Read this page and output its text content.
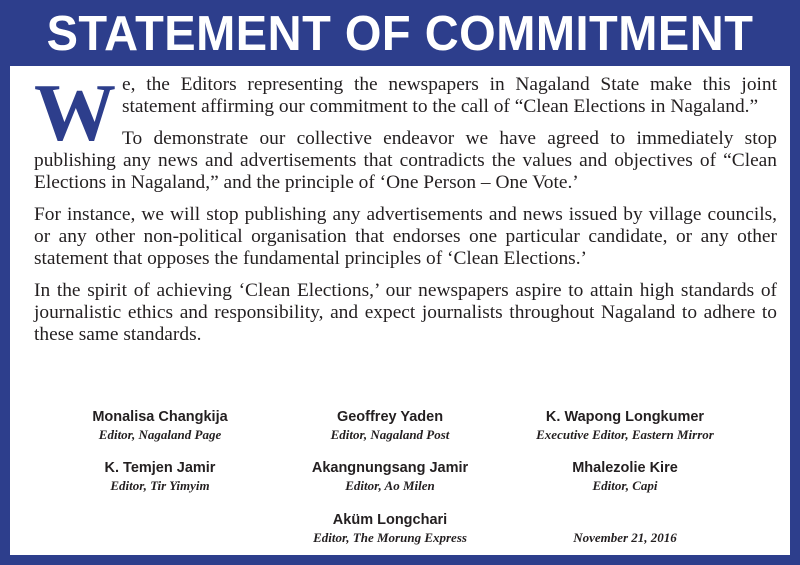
STATEMENT OF COMMITMENT

We, the Editors representing the newspapers in Nagaland State make this joint statement affirming our commitment to the call of “Clean Elections in Nagaland.”

To demonstrate our collective endeavor we have agreed to immediately stop publishing any news and advertisements that contradicts the values and objectives of “Clean Elections in Nagaland,” and the principle of ‘One Person – One Vote.’

For instance, we will stop publishing any advertisements and news issued by village councils, or any other non-political organisation that endorses one particular candidate, or any other statement that opposes the fundamental principles of ‘Clean Elections.’

In the spirit of achieving ‘Clean Elections,’ our newspapers aspire to attain high standards of journalistic ethics and responsibility, and expect journalists throughout Nagaland to adhere to these same standards.

Monalisa Changkija
Editor, Nagaland Page
Geoffrey Yaden
Editor, Nagaland Post
K. Wapong Longkumer
Executive Editor, Eastern Mirror
K. Temjen Jamir
Editor, Tir Yimyim
Akangnungsang Jamir
Editor, Ao Milen
Mhalezolie Kire
Editor, Capi
Aküm Longchari
Editor, The Morung Express	November 21, 2016
